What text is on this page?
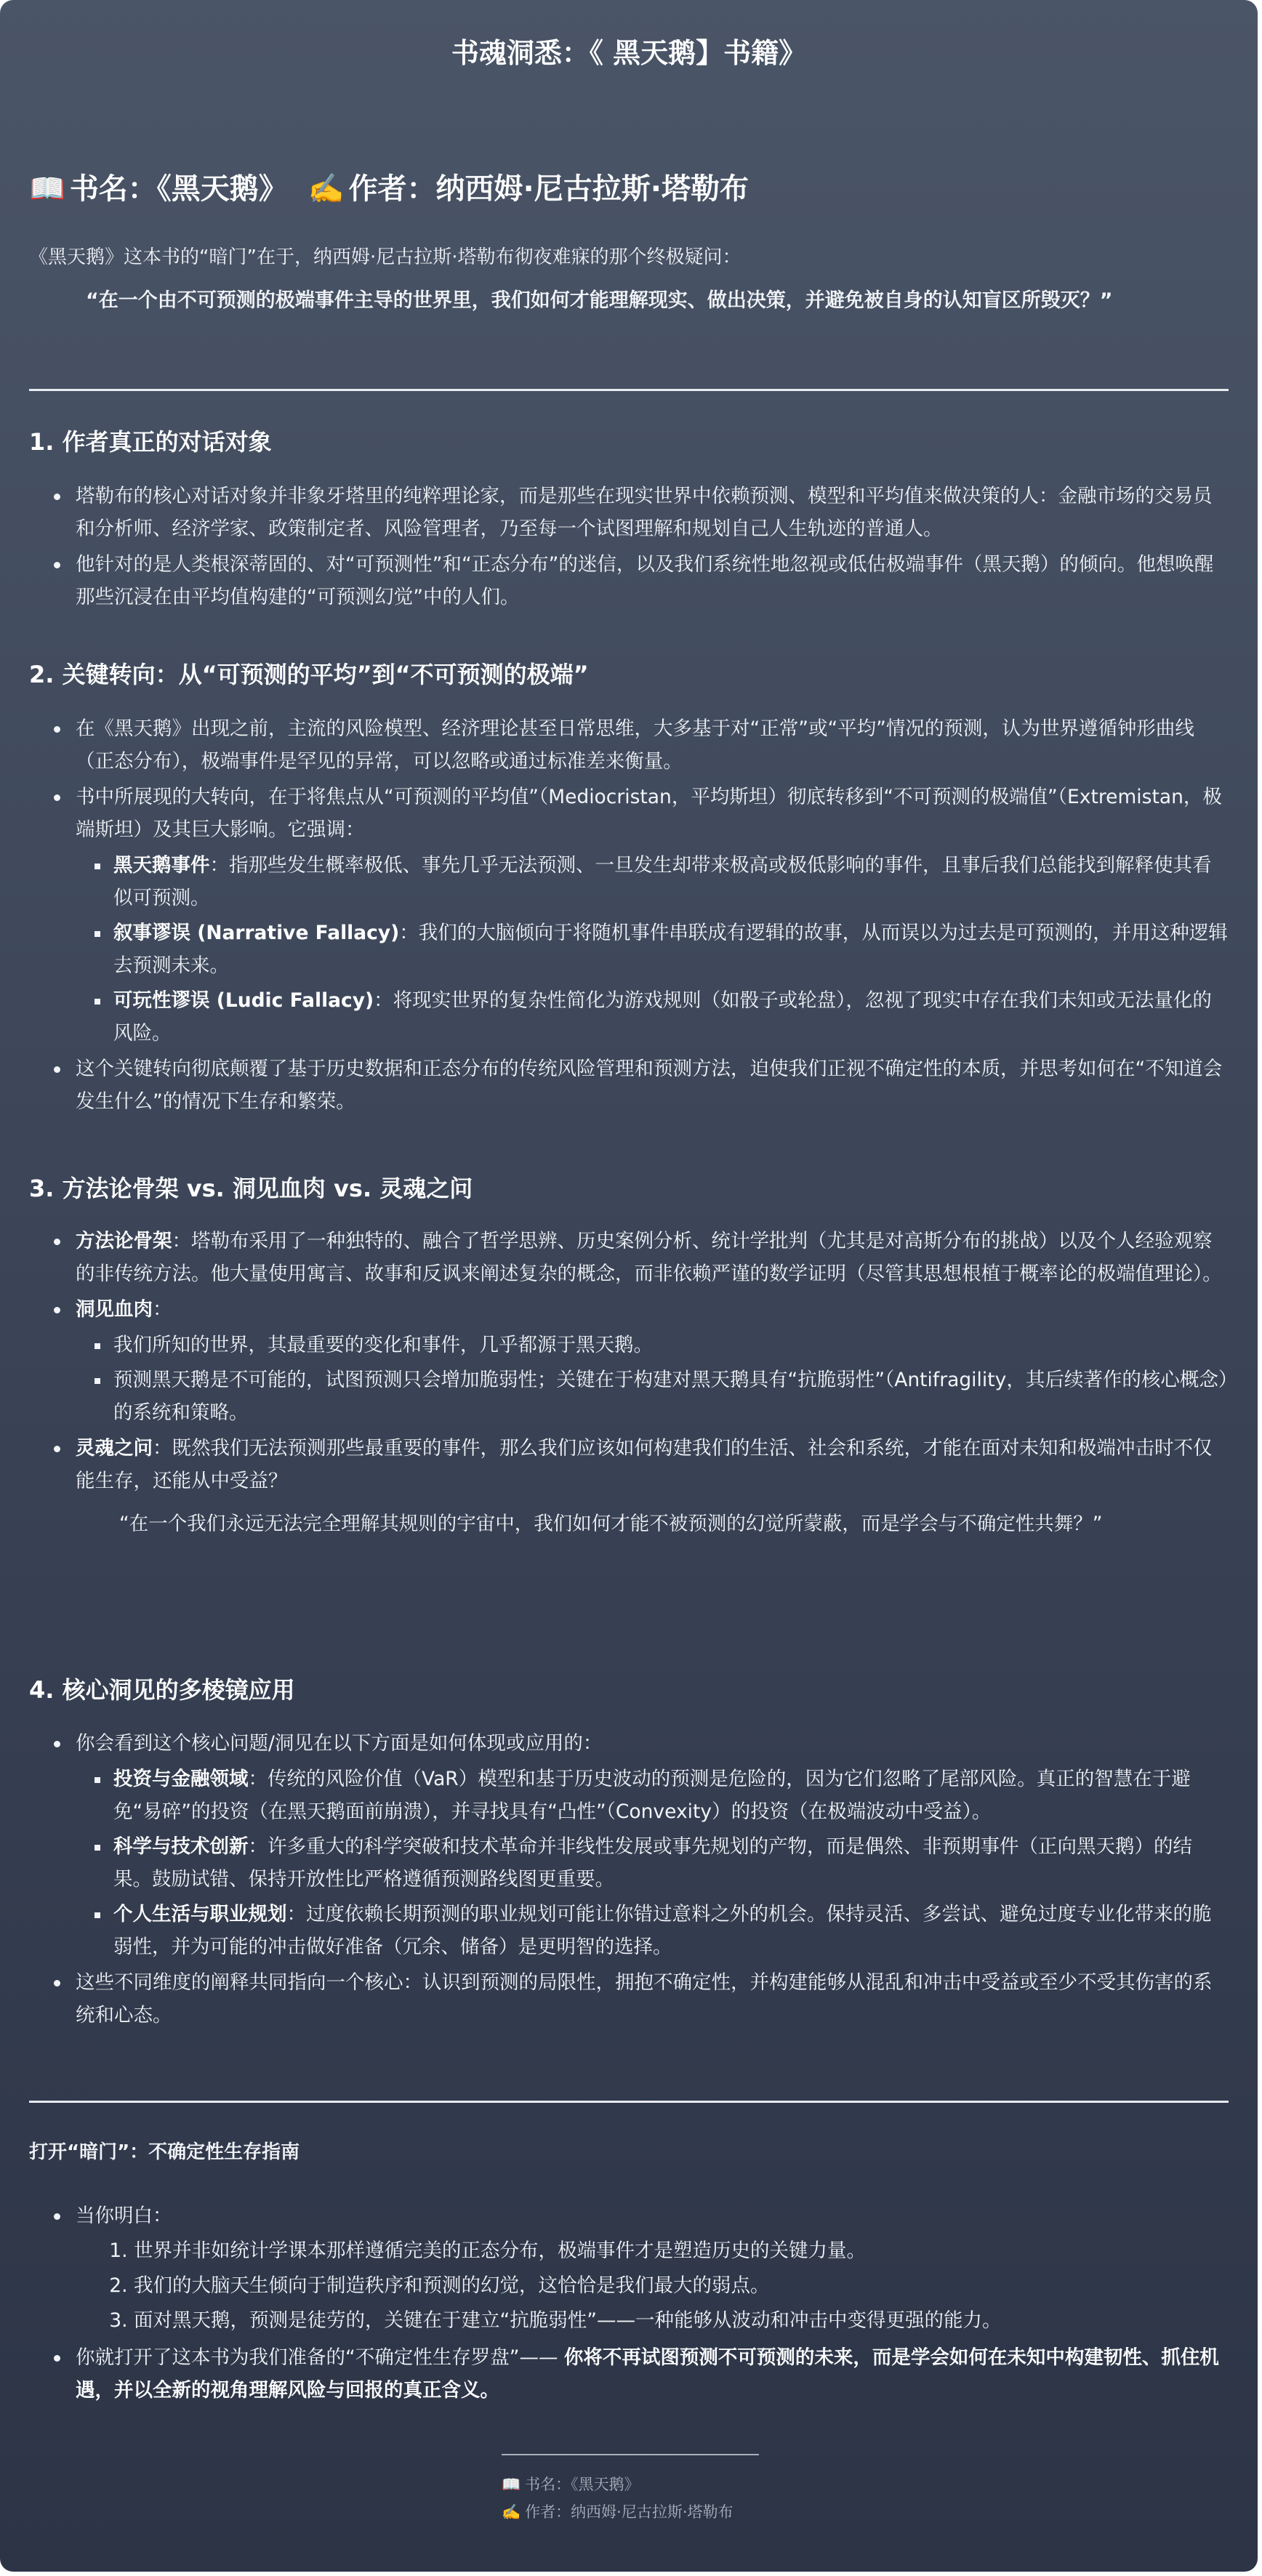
书魂洞悉：《 黑天鹅】书籍》
📖 书名：《黑天鹅》 ✍️ 作者：纳西姆·尼古拉斯·塔勒布
《黑天鹅》这本书的“暗门”在于，纳西姆·尼古拉斯·塔勒布彻夜难寐的那个终极疑问：
“在一个由不可预测的极端事件主导的世界里，我们如何才能理解现实、做出决策，并避免被自身的认知盲区所毁灭？”
1. 作者真正的对话对象
塔勒布的核心对话对象并非象牙塔里的纯粹理论家，而是那些在现实世界中依赖预测、模型和平均值来做决策的人：金融市场的交易员和分析师、经济学家、政策制定者、风险管理者，乃至每一个试图理解和规划自己人生轨迹的普通人。
他针对的是人类根深蒂固的、对“可预测性”和“正态分布”的迷信，以及我们系统性地忽视或低估极端事件（黑天鹅）的倾向。他想唤醒那些沉浸在由平均值构建的“可预测幻觉”中的人们。
2. 关键转向：从“可预测的平均”到“不可预测的极端”
在《黑天鹅》出现之前，主流的风险模型、经济理论甚至日常思维，大多基于对“正常”或“平均”情况的预测，认为世界遵循钟形曲线（正态分布），极端事件是罕见的异常，可以忽略或通过标准差来衡量。
书中所展现的大转向，在于将焦点从“可预测的平均值”（Mediocristan，平均斯坦）彻底转移到“不可预测的极端值”（Extremistan，极端斯坦）及其巨大影响。它强调：
黑天鹅事件：指那些发生概率极低、事先几乎无法预测、一旦发生却带来极高或极低影响的事件，且事后我们总能找到解释使其看似可预测。
叙事谬误 (Narrative Fallacy)：我们的大脑倾向于将随机事件串联成有逻辑的故事，从而误以为过去是可预测的，并用这种逻辑去预测未来。
可玩性谬误 (Ludic Fallacy)：将现实世界的复杂性简化为游戏规则（如骰子或轮盘），忽视了现实中存在我们未知或无法量化的风险。
这个关键转向彻底颠覆了基于历史数据和正态分布的传统风险管理和预测方法，迫使我们正视不确定性的本质，并思考如何在“不知道会发生什么”的情况下生存和繁荣。
3. 方法论骨架 vs. 洞见血肉 vs. 灵魂之问
方法论骨架：塔勒布采用了一种独特的、融合了哲学思辨、历史案例分析、统计学批判（尤其是对高斯分布的挑战）以及个人经验观察的非传统方法。他大量使用寓言、故事和反讽来阐述复杂的概念，而非依赖严谨的数学证明（尽管其思想根植于概率论的极端值理论）。
洞见血肉：
我们所知的世界，其最重要的变化和事件，几乎都源于黑天鹅。
预测黑天鹅是不可能的，试图预测只会增加脆弱性；关键在于构建对黑天鹅具有“抗脆弱性”（Antifragility，其后续著作的核心概念）的系统和策略。
灵魂之问：既然我们无法预测那些最重要的事件，那么我们应该如何构建我们的生活、社会和系统，才能在面对未知和极端冲击时不仅能生存，还能从中受益？
“在一个我们永远无法完全理解其规则的宇宙中，我们如何才能不被预测的幻觉所蒙蔽，而是学会与不确定性共舞？”
4. 核心洞见的多棱镜应用
你会看到这个核心问题/洞见在以下方面是如何体现或应用的：
投资与金融领域：传统的风险价值（VaR）模型和基于历史波动的预测是危险的，因为它们忽略了尾部风险。真正的智慧在于避免“易碎”的投资（在黑天鹅面前崩溃），并寻找具有“凸性”（Convexity）的投资（在极端波动中受益）。
科学与技术创新：许多重大的科学突破和技术革命并非线性发展或事先规划的产物，而是偶然、非预期事件（正向黑天鹅）的结果。鼓励试错、保持开放性比严格遵循预测路线图更重要。
个人生活与职业规划：过度依赖长期预测的职业规划可能让你错过意料之外的机会。保持灵活、多尝试、避免过度专业化带来的脆弱性，并为可能的冲击做好准备（冗余、储备）是更明智的选择。
这些不同维度的阐释共同指向一个核心：认识到预测的局限性，拥抱不确定性，并构建能够从混乱和冲击中受益或至少不受其伤害的系统和心态。
打开“暗门”：不确定性生存指南
当你明白：
1. 世界并非如统计学课本那样遵循完美的正态分布，极端事件才是塑造历史的关键力量。
2. 我们的大脑天生倾向于制造秩序和预测的幻觉，这恰恰是我们最大的弱点。
3. 面对黑天鹅，预测是徒劳的，关键在于建立“抗脆弱性”——一种能够从波动和冲击中变得更强的能力。
你就打开了这本书为我们准备的“不确定性生存罗盘”—— 你将不再试图预测不可预测的未来，而是学会如何在未知中构建韧性、抓住机遇，并以全新的视角理解风险与回报的真正含义。
📖 书名：《黑天鹅》
✍️ 作者：纳西姆·尼古拉斯·塔勒布
